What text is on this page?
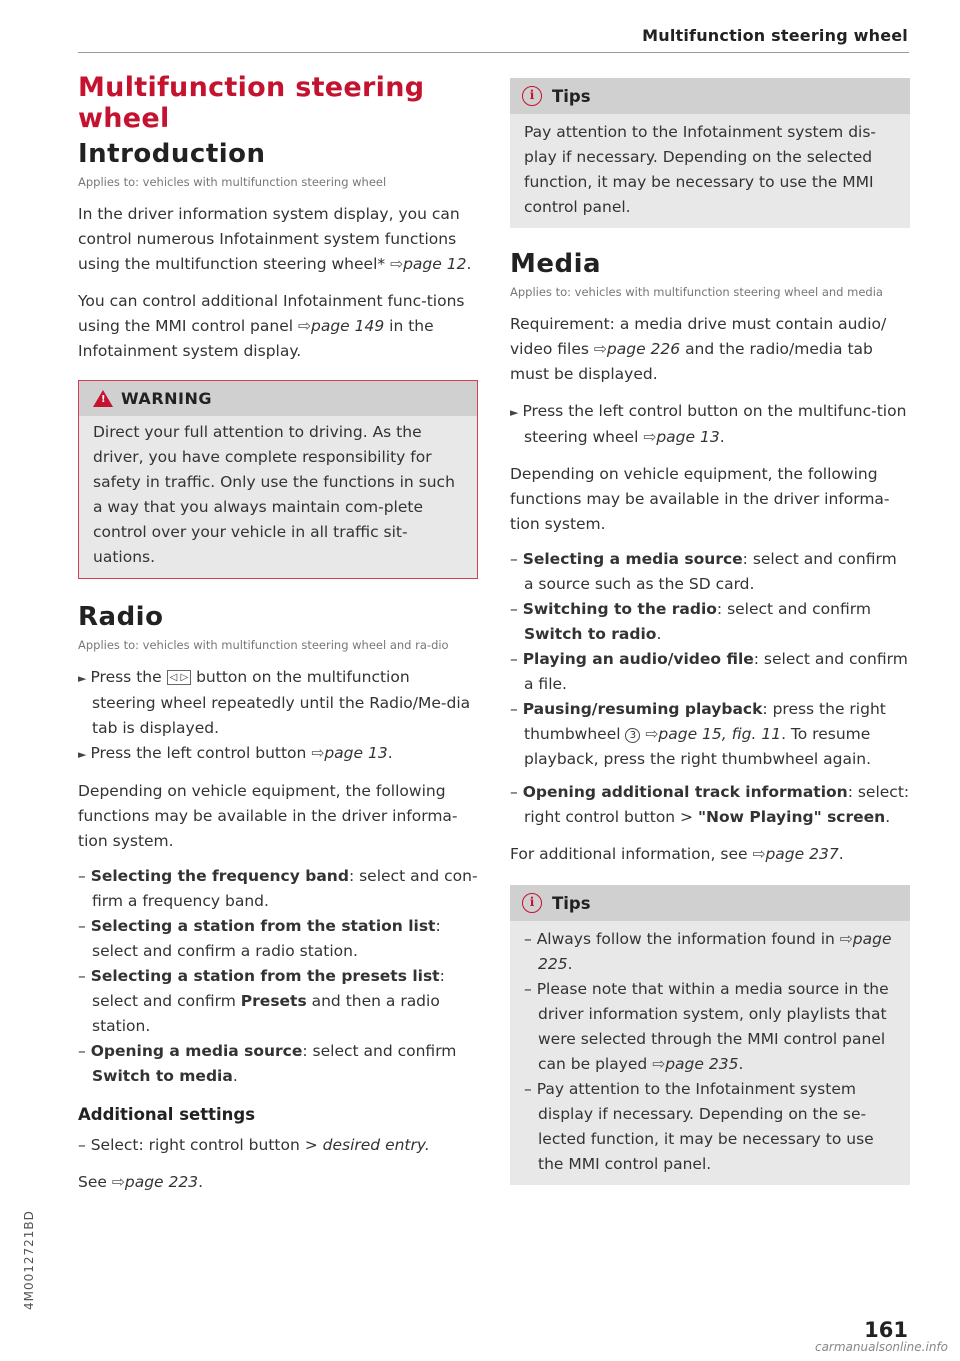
Multifunction steering wheel
Multifunction steering wheel
Introduction
Applies to: vehicles with multifunction steering wheel

In the driver information system display, you can control numerous Infotainment system functions using the multifunction steering wheel* ⇨page 12.

You can control additional Infotainment func-tions using the MMI control panel ⇨page 149 in the Infotainment system display.

! WARNING
Direct your full attention to driving. As the driver, you have complete responsibility for safety in traffic. Only use the functions in such a way that you always maintain com-plete control over your vehicle in all traffic sit-uations.
Radio
Applies to: vehicles with multifunction steering wheel and ra-dio
► Press the ◁ ▷ button on the multifunction steering wheel repeatedly until the Radio/Me-dia tab is displayed.
► Press the left control button ⇨page 13.

Depending on vehicle equipment, the following functions may be available in the driver informa-tion system.

– Selecting the frequency band: select and con-firm a frequency band.
– Selecting a station from the station list: select and confirm a radio station.
– Selecting a station from the presets list: select and confirm Presets and then a radio station.
– Opening a media source: select and confirm Switch to media.
Additional settings
– Select: right control button > desired entry.

See ⇨page 223.

i	Tips
Pay attention to the Infotainment system dis-play if necessary. Depending on the selected function, it may be necessary to use the MMI control panel.
Media
Applies to: vehicles with multifunction steering wheel and media

Requirement: a media drive must contain audio/ video files ⇨page 226 and the radio/media tab must be displayed.

► Press the left control button on the multifunc-tion steering wheel ⇨page 13.

Depending on vehicle equipment, the following functions may be available in the driver informa-tion system.

– Selecting a media source: select and confirm a source such as the SD card.
– Switching to the radio: select and confirm Switch to radio.
– Playing an audio/video file: select and confirm a file.
– Pausing/resuming playback: press the right thumbwheel 3 ⇨page 15, fig. 11. To resume playback, press the right thumbwheel again.
– Opening additional track information: select: right control button > "Now Playing" screen.

For additional information, see ⇨page 237.

i	Tips
– Always follow the information found in ⇨page 225.
– Please note that within a media source in the driver information system, only playlists that were selected through the MMI control panel can be played ⇨page 235.
– Pay attention to the Infotainment system display if necessary. Depending on the se-lected function, it may be necessary to use the MMI control panel.
4M0012721BD
161
carmanualsonline.info
